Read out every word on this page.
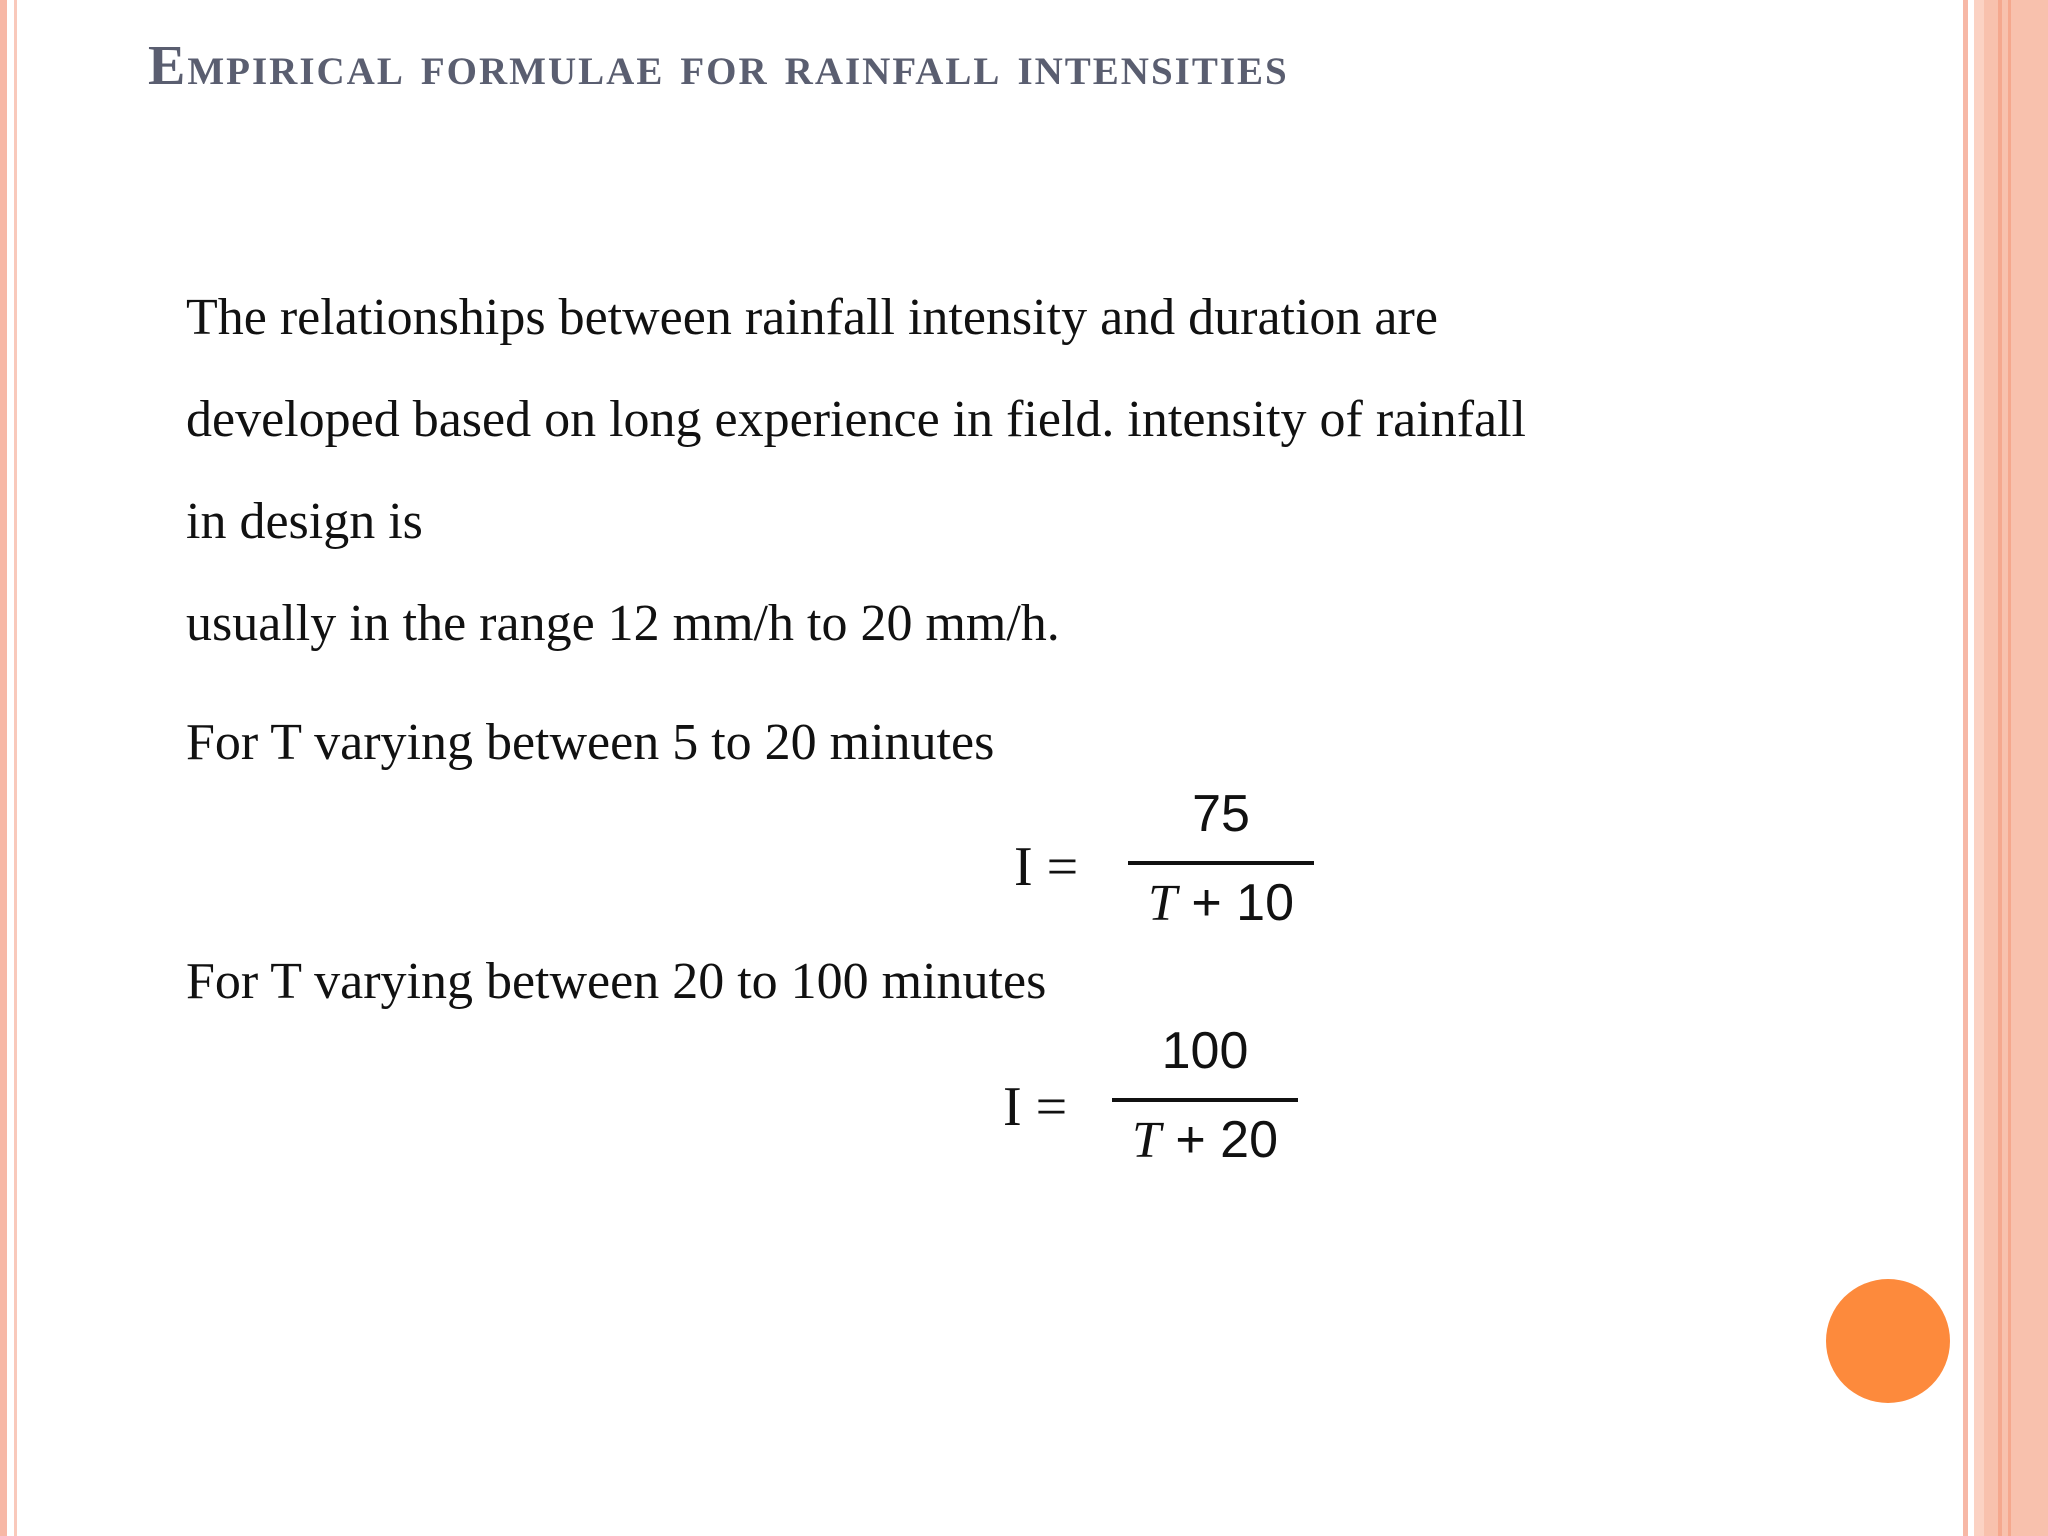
Empirical formulae for rainfall intensities
The relationships between rainfall intensity and duration are
developed based on long experience in field. intensity of rainfall
in design is
usually in the range 12 mm/h to 20 mm/h.
For T varying between 5 to 20 minutes
I =
75
T + 10
For T varying between 20 to 100 minutes
I =
100
T + 20
